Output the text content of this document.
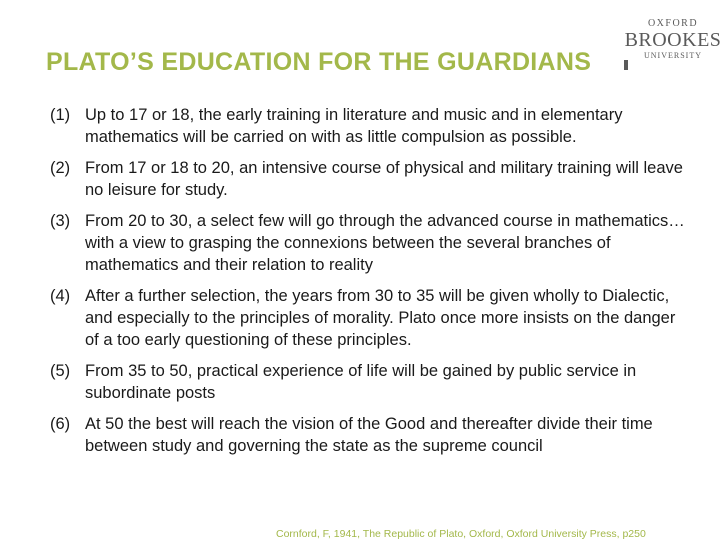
OXFORD
BROOKES
UNIVERSITY
PLATO’S EDUCATION FOR THE GUARDIANS
(1) Up to 17 or 18, the early training in literature and music and in elementary mathematics will be carried on with as little compulsion as possible.
(2) From 17 or 18 to 20, an intensive course of physical and military training will leave no leisure for study.
(3) From 20 to 30, a select few will go through the advanced course in mathematics… with a view to grasping the connexions between the several branches of mathematics and their relation to reality
(4) After a further selection, the years from 30 to 35 will be given wholly to Dialectic, and especially to the principles of morality. Plato once more insists on the danger of a too early questioning of these principles.
(5) From 35 to 50, practical experience of life will be gained by public service in subordinate posts
(6) At 50 the best will reach the vision of the Good and thereafter divide their time between study and governing the state as the supreme council
Cornford, F, 1941, The Republic of Plato, Oxford, Oxford University Press, p250
